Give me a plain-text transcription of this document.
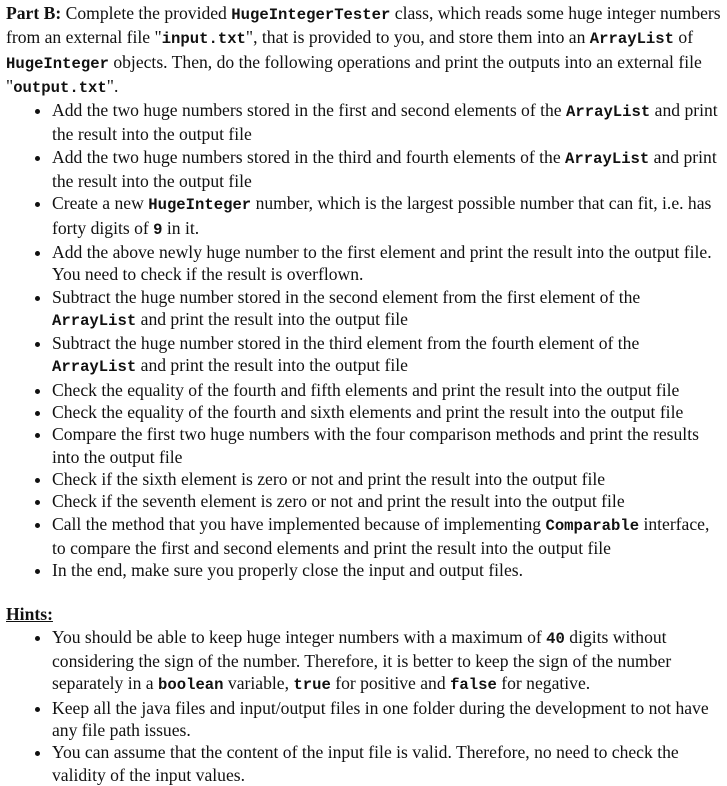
Part B: Complete the provided HugeIntegerTester class, which reads some huge integer numbers from an external file "input.txt", that is provided to you, and store them into an ArrayList of HugeInteger objects. Then, do the following operations and print the outputs into an external file "output.txt".

• Add the two huge numbers stored in the first and second elements of the ArrayList and print the result into the output file
• Add the two huge numbers stored in the third and fourth elements of the ArrayList and print the result into the output file
• Create a new HugeInteger number, which is the largest possible number that can fit, i.e. has forty digits of 9 in it.
• Add the above newly huge number to the first element and print the result into the output file. You need to check if the result is overflown.
• Subtract the huge number stored in the second element from the first element of the ArrayList and print the result into the output file
• Subtract the huge number stored in the third element from the fourth element of the ArrayList and print the result into the output file
• Check the equality of the fourth and fifth elements and print the result into the output file
• Check the equality of the fourth and sixth elements and print the result into the output file
• Compare the first two huge numbers with the four comparison methods and print the results into the output file
• Check if the sixth element is zero or not and print the result into the output file
• Check if the seventh element is zero or not and print the result into the output file
• Call the method that you have implemented because of implementing Comparable interface, to compare the first and second elements and print the result into the output file
• In the end, make sure you properly close the input and output files.

Hints:

• You should be able to keep huge integer numbers with a maximum of 40 digits without considering the sign of the number. Therefore, it is better to keep the sign of the number separately in a boolean variable, true for positive and false for negative.
• Keep all the java files and input/output files in one folder during the development to not have any file path issues.
• You can assume that the content of the input file is valid. Therefore, no need to check the validity of the input values.
